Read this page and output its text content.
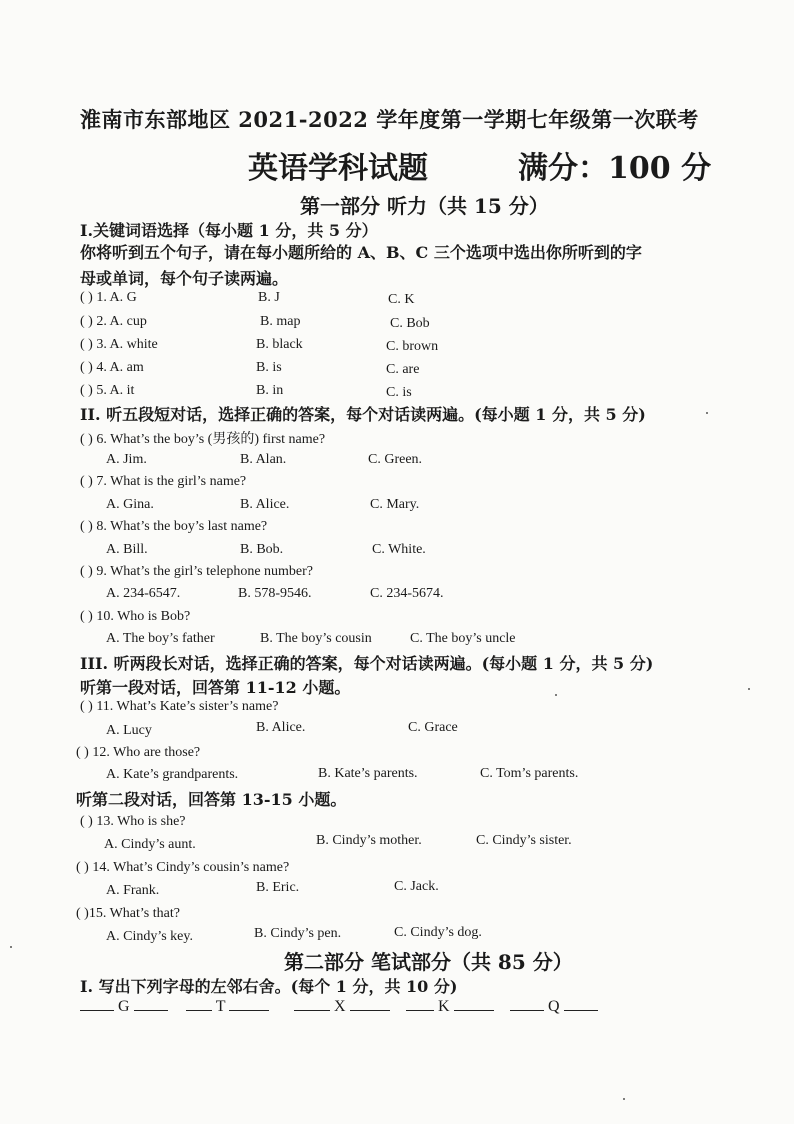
淮南市东部地区 2021-2022 学年度第一学期七年级第一次联考
英语学科试题	满分：100 分
第一部分 听力（共 15 分）
Ⅰ.关键词语选择（每小题 1 分，共 5 分）
你将听到五个句子，请在每小题所给的 A、B、C 三个选项中选出你所听到的字
母或单词，每个句子读两遍。
( ) 1. A. G	B. J	C. K
( ) 2. A. cup	B. map	C. Bob
( ) 3. A. white	B. black	C. brown
( ) 4. A. am	B. is	C. are
( ) 5. A. it	B. in	C. is
II. 听五段短对话，选择正确的答案，每个对话读两遍。(每小题 1 分，共 5 分)
( ) 6. What’s the boy’s (男孩的) first name?
A. Jim.	B. Alan.	C. Green.
( ) 7. What is the girl’s name?
A. Gina.	B. Alice.	C. Mary.
( ) 8. What’s the boy’s last name?
A. Bill.	B. Bob.	C. White.
( ) 9. What’s the girl’s telephone number?
A. 234-6547.	B. 578-9546.	C. 234-5674.
( ) 10. Who is Bob?
A. The boy’s father	B. The boy’s cousin	C. The boy’s uncle
III. 听两段长对话，选择正确的答案，每个对话读两遍。(每小题 1 分，共 5 分)
听第一段对话，回答第 11-12 小题。
( ) 11. What’s Kate’s sister’s name?
A. Lucy	B. Alice.	C. Grace
( ) 12. Who are those?
A. Kate’s grandparents.	B. Kate’s parents.	C. Tom’s parents.
听第二段对话，回答第 13-15 小题。
( ) 13. Who is she?
A. Cindy’s aunt.	B. Cindy’s mother.	C. Cindy’s sister.
( ) 14. What’s Cindy’s cousin’s name?
A. Frank.	B. Eric.	C. Jack.
( )15. What’s that?
A. Cindy’s key.	B. Cindy’s pen.	C. Cindy’s dog.
第二部分 笔试部分（共 85 分）
Ⅰ. 写出下列字母的左邻右舍。(每个 1 分，共 10 分)
G	T	X	K	Q
